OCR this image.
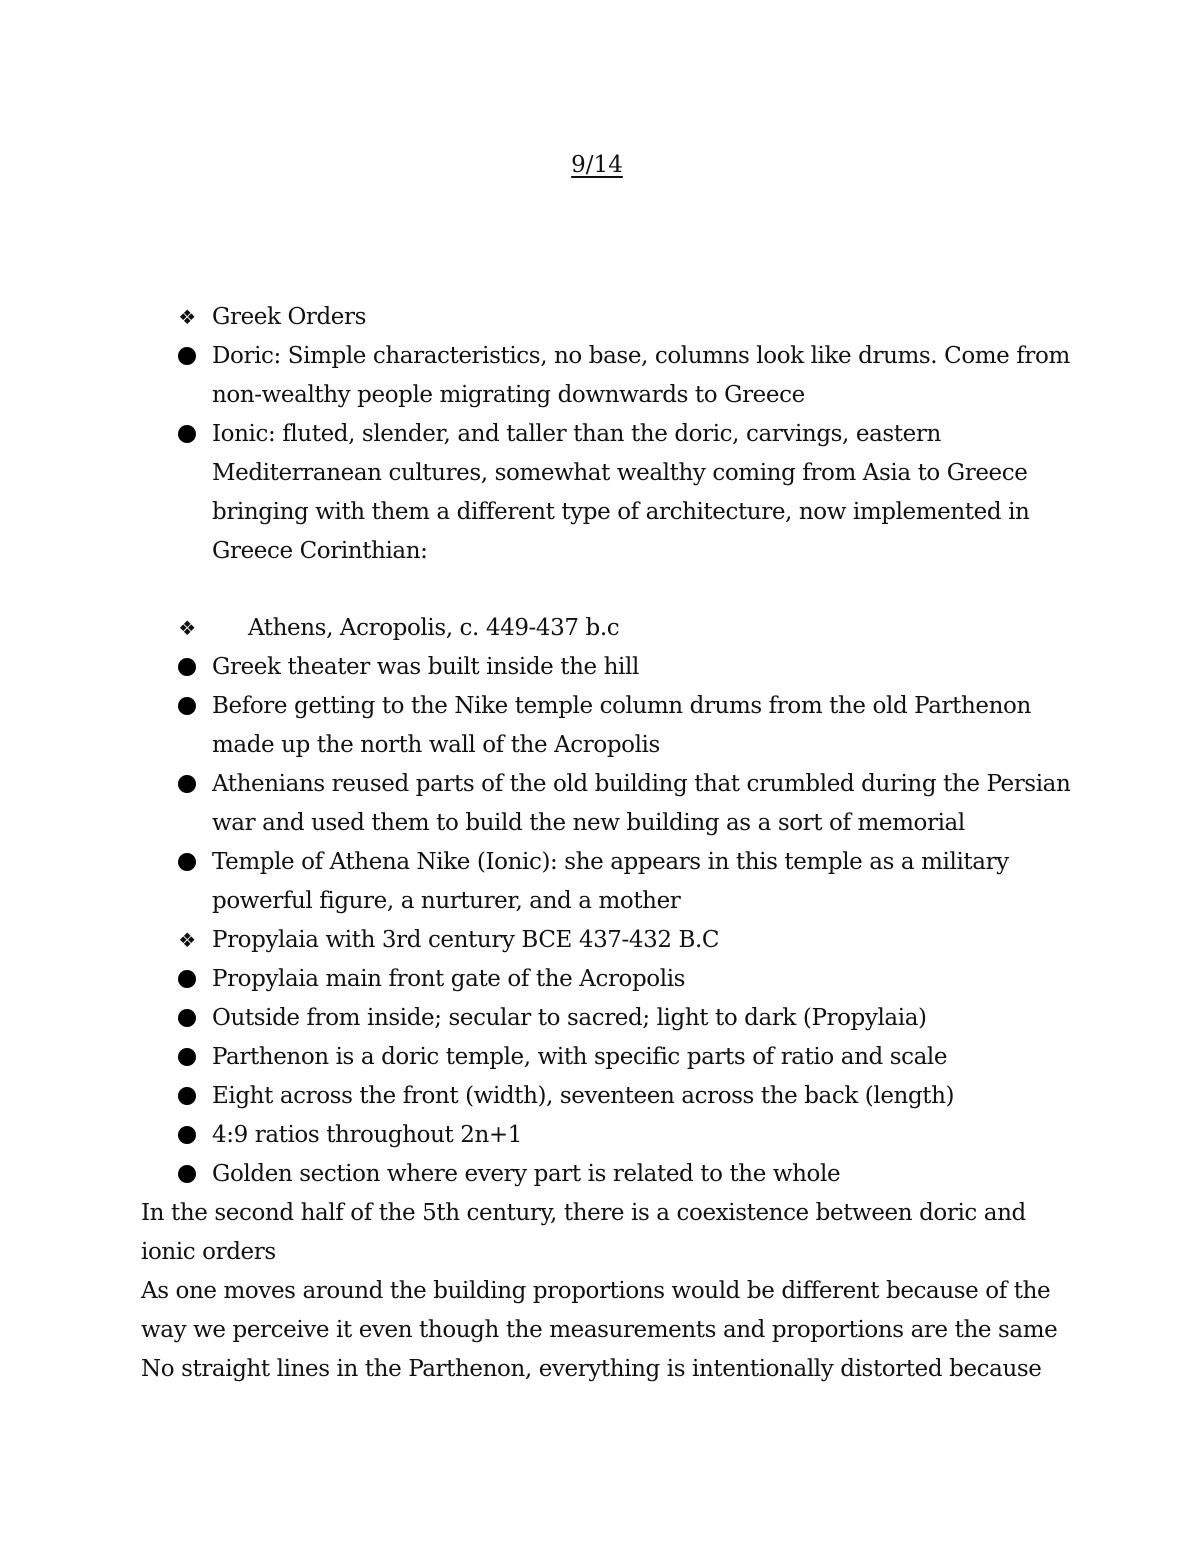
9/14
❖ Greek Orders
Doric: Simple characteristics, no base, columns look like drums. Come from non-wealthy people migrating downwards to Greece
Ionic: fluted, slender, and taller than the doric, carvings, eastern Mediterranean cultures, somewhat wealthy coming from Asia to Greece bringing with them a different type of architecture, now implemented in Greece Corinthian:
❖ Athens, Acropolis, c. 449-437 b.c
Greek theater was built inside the hill
Before getting to the Nike temple column drums from the old Parthenon made up the north wall of the Acropolis
Athenians reused parts of the old building that crumbled during the Persian war and used them to build the new building as a sort of memorial
Temple of Athena Nike (Ionic): she appears in this temple as a military powerful figure, a nurturer, and a mother
❖ Propylaia with 3rd century BCE 437-432 B.C
Propylaia main front gate of the Acropolis
Outside from inside; secular to sacred; light to dark (Propylaia)
Parthenon is a doric temple, with specific parts of ratio and scale
Eight across the front (width), seventeen across the back (length)
4:9 ratios throughout 2n+1
Golden section where every part is related to the whole

In the second half of the 5th century, there is a coexistence between doric and ionic orders

As one moves around the building proportions would be different because of the way we perceive it even though the measurements and proportions are the same

No straight lines in the Parthenon, everything is intentionally distorted because
